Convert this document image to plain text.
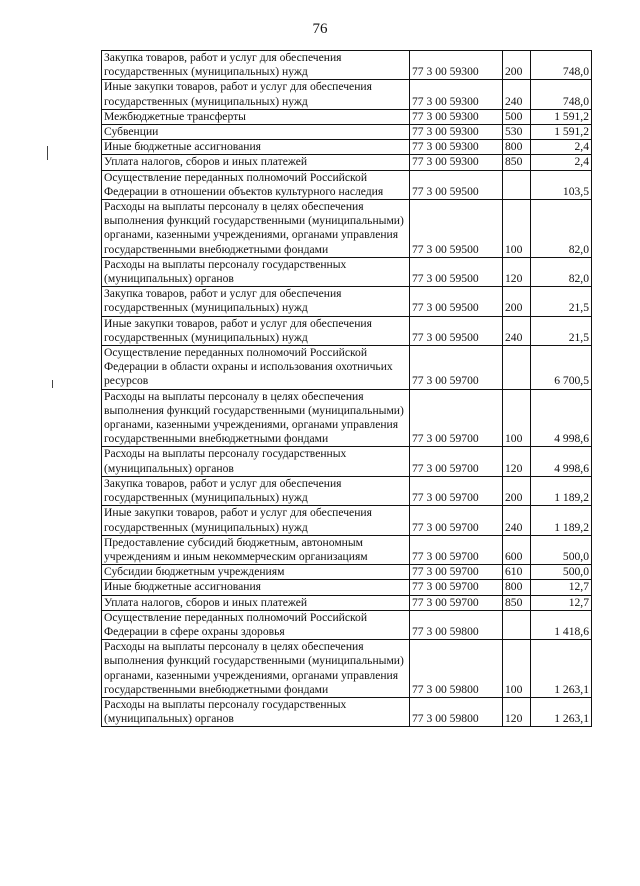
76
Закупка товаров, работ и услуг для обеспечения государственных (муниципальных) нужд	77 3 00 59300	200	748,0
Иные закупки товаров, работ и услуг для обеспечения государственных (муниципальных) нужд	77 3 00 59300	240	748,0
Межбюджетные трансферты	77 3 00 59300	500	1 591,2
Субвенции	77 3 00 59300	530	1 591,2
Иные бюджетные ассигнования	77 3 00 59300	800	2,4
Уплата налогов, сборов и иных платежей	77 3 00 59300	850	2,4
Осуществление переданных полномочий Российской Федерации в отношении объектов культурного наследия	77 3 00 59500		103,5
Расходы на выплаты персоналу в целях обеспечения выполнения функций государственными (муниципальными) органами, казенными учреждениями, органами управления государственными внебюджетными фондами	77 3 00 59500	100	82,0
Расходы на выплаты персоналу государственных (муниципальных) органов	77 3 00 59500	120	82,0
Закупка товаров, работ и услуг для обеспечения государственных (муниципальных) нужд	77 3 00 59500	200	21,5
Иные закупки товаров, работ и услуг для обеспечения государственных (муниципальных) нужд	77 3 00 59500	240	21,5
Осуществление переданных полномочий Российской Федерации в области охраны и использования охотничьих ресурсов	77 3 00 59700		6 700,5
Расходы на выплаты персоналу в целях обеспечения выполнения функций государственными (муниципальными) органами, казенными учреждениями, органами управления государственными внебюджетными фондами	77 3 00 59700	100	4 998,6
Расходы на выплаты персоналу государственных (муниципальных) органов	77 3 00 59700	120	4 998,6
Закупка товаров, работ и услуг для обеспечения государственных (муниципальных) нужд	77 3 00 59700	200	1 189,2
Иные закупки товаров, работ и услуг для обеспечения государственных (муниципальных) нужд	77 3 00 59700	240	1 189,2
Предоставление субсидий бюджетным, автономным учреждениям и иным некоммерческим организациям	77 3 00 59700	600	500,0
Субсидии бюджетным учреждениям	77 3 00 59700	610	500,0
Иные бюджетные ассигнования	77 3 00 59700	800	12,7
Уплата налогов, сборов и иных платежей	77 3 00 59700	850	12,7
Осуществление переданных полномочий Российской Федерации в сфере охраны здоровья	77 3 00 59800		1 418,6
Расходы на выплаты персоналу в целях обеспечения выполнения функций государственными (муниципальными) органами, казенными учреждениями, органами управления государственными внебюджетными фондами	77 3 00 59800	100	1 263,1
Расходы на выплаты персоналу государственных (муниципальных) органов	77 3 00 59800	120	1 263,1
